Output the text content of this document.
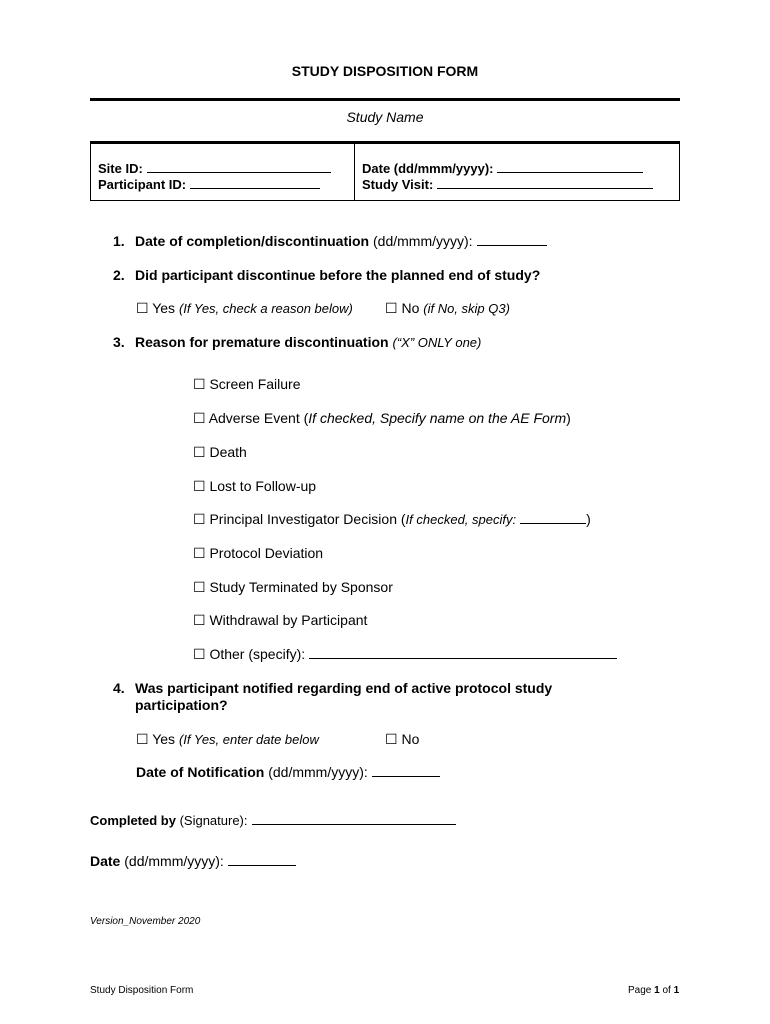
STUDY DISPOSITION FORM
Study Name
Site ID:
Participant ID:
Date (dd/mmm/yyyy):
Study Visit:
1. Date of completion/discontinuation (dd/mmm/yyyy):
2. Did participant discontinue before the planned end of study?
☐ Yes (If Yes, check a reason below) ☐ No (if No, skip Q3)
3. Reason for premature discontinuation (“X” ONLY one)
☐ Screen Failure
☐ Adverse Event (If checked, Specify name on the AE Form)
☐ Death
☐ Lost to Follow-up
☐ Principal Investigator Decision (If checked, specify:	)
☐ Protocol Deviation
☐ Study Terminated by Sponsor
☐ Withdrawal by Participant
☐ Other (specify):
4. Was participant notified regarding end of active protocol study
participation?
☐ Yes (If Yes, enter date below	☐ No
Date of Notification (dd/mmm/yyyy):
Completed by (Signature):
Date (dd/mmm/yyyy):
Version_November 2020
Study Disposition Form	Page 1 of 1
